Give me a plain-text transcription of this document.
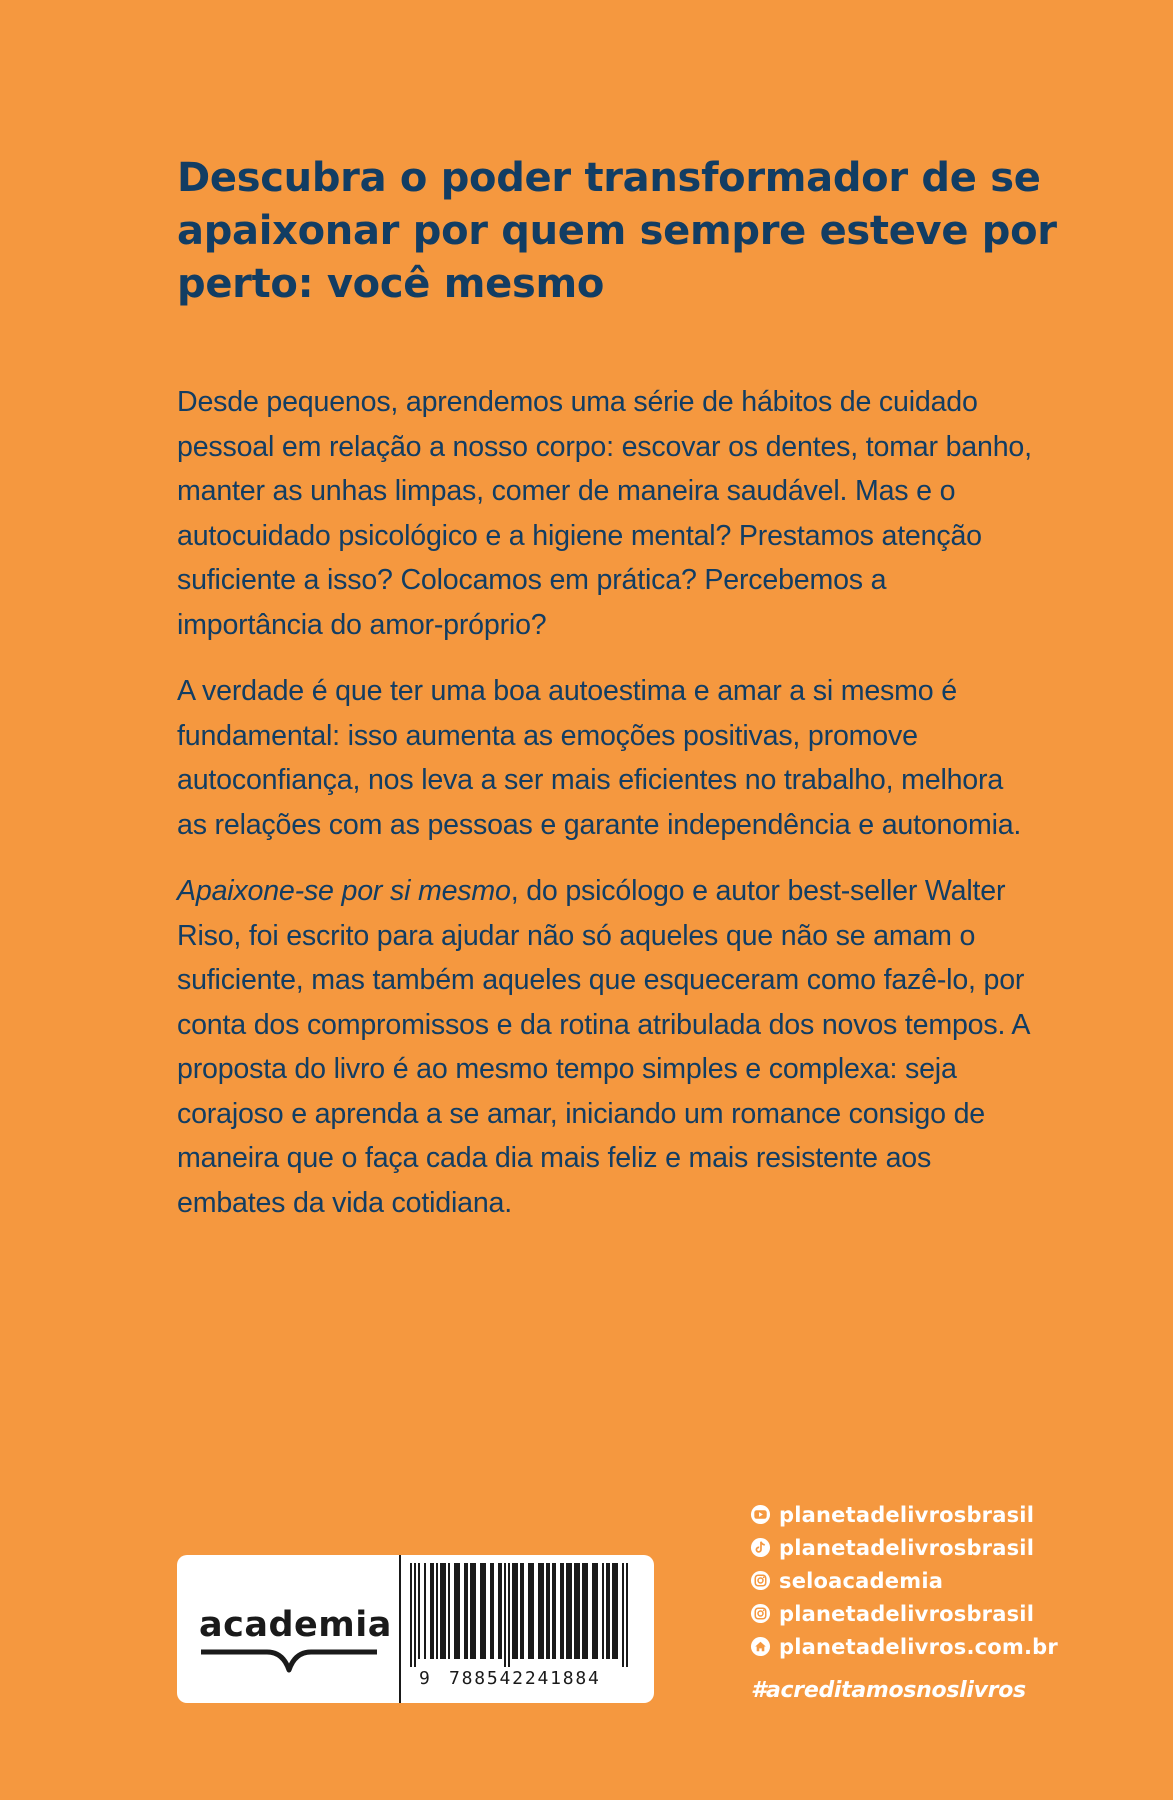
Descubra o poder transformador de se apaixonar por quem sempre esteve por perto: você mesmo

Desde pequenos, aprendemos uma série de hábitos de cuidado pessoal em relação a nosso corpo: escovar os dentes, tomar banho, manter as unhas limpas, comer de maneira saudável. Mas e o autocuidado psicológico e a higiene mental? Prestamos atenção suficiente a isso? Colocamos em prática? Percebemos a importância do amor-próprio?

A verdade é que ter uma boa autoestima e amar a si mesmo é fundamental: isso aumenta as emoções positivas, promove autoconfiança, nos leva a ser mais eficientes no trabalho, melhora as relações com as pessoas e garante independência e autonomia.

Apaixone-se por si mesmo, do psicólogo e autor best-seller Walter Riso, foi escrito para ajudar não só aqueles que não se amam o suficiente, mas também aqueles que esqueceram como fazê-lo, por conta dos compromissos e da rotina atribulada dos novos tempos. A proposta do livro é ao mesmo tempo simples e complexa: seja corajoso e aprenda a se amar, iniciando um romance consigo de maneira que o faça cada dia mais feliz e mais resistente aos embates da vida cotidiana.

academia
9 788542241884
planetadelivrosbrasil
planetadelivrosbrasil
seloacademia
planetadelivrosbrasil
planetadelivros.com.br
#acreditamosnoslivros
